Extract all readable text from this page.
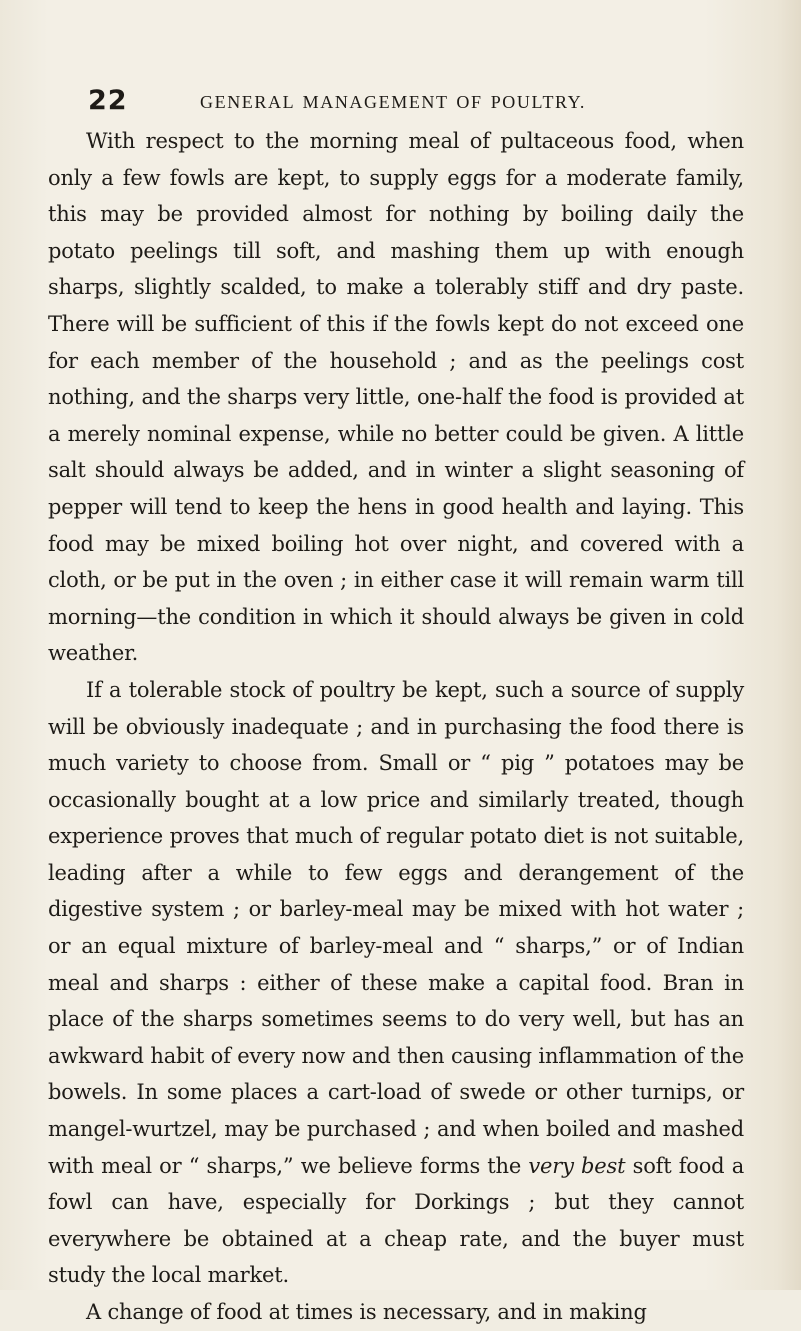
22	GENERAL MANAGEMENT OF POULTRY.

With respect to the morning meal of pultaceous food, when only a few fowls are kept, to supply eggs for a moderate family, this may be provided almost for nothing by boiling daily the potato peelings till soft, and mashing them up with enough sharps, slightly scalded, to make a tolerably stiff and dry paste. There will be sufficient of this if the fowls kept do not exceed one for each member of the household ; and as the peelings cost nothing, and the sharps very little, one-half the food is provided at a merely nominal expense, while no better could be given. A little salt should always be added, and in winter a slight seasoning of pepper will tend to keep the hens in good health and laying. This food may be mixed boiling hot over night, and covered with a cloth, or be put in the oven ; in either case it will remain warm till morning—the condition in which it should always be given in cold weather.

If a tolerable stock of poultry be kept, such a source of supply will be obviously inadequate ; and in purchasing the food there is much variety to choose from. Small or “ pig ” potatoes may be occasionally bought at a low price and similarly treated, though experience proves that much of regular potato diet is not suitable, leading after a while to few eggs and derangement of the digestive system ; or barley-meal may be mixed with hot water ; or an equal mixture of barley-meal and “ sharps,” or of Indian meal and sharps : either of these make a capital food. Bran in place of the sharps sometimes seems to do very well, but has an awkward habit of every now and then causing inflammation of the bowels. In some places a cart-load of swede or other turnips, or mangel-wurtzel, may be purchased ; and when boiled and mashed with meal or “ sharps,” we believe forms the very best soft food a fowl can have, especially for Dorkings ; but they cannot everywhere be obtained at a cheap rate, and the buyer must study the local market.

A change of food at times is necessary, and in making
